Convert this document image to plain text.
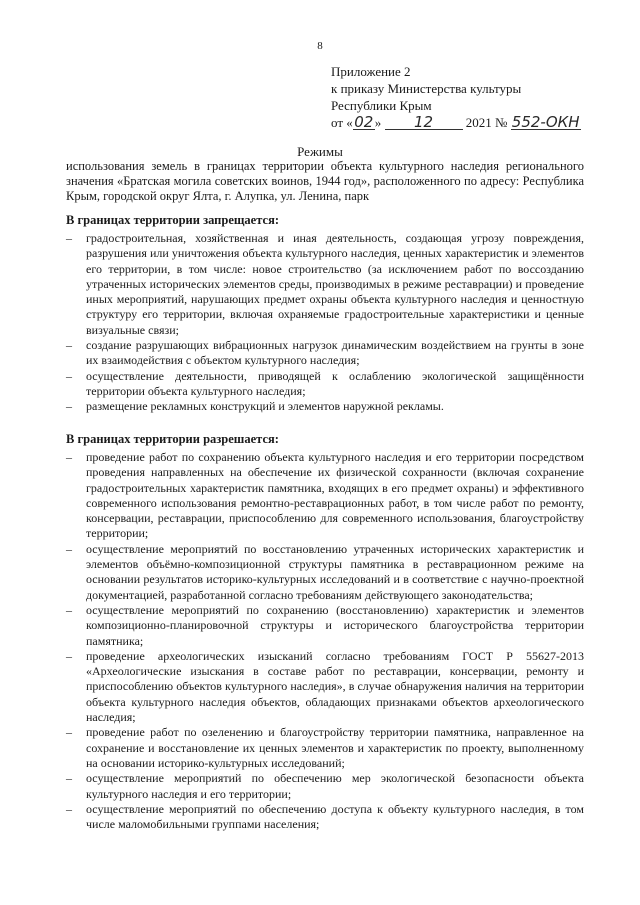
8
Приложение 2
к приказу Министерства культуры
Республики Крым
от «02» 12	2021 № 552-ОКН
Режимы
использования земель в границах территории объекта культурного наследия регионального значения «Братская могила советских воинов, 1944 год», расположенного по адресу: Республика Крым, городской округ Ялта, г. Алупка, ул. Ленина, парк
В границах территории запрещается:
– градостроительная, хозяйственная и иная деятельность, создающая угрозу повреждения, разрушения или уничтожения объекта культурного наследия, ценных характеристик и элементов его территории, в том числе: новое строительство (за исключением работ по воссозданию утраченных исторических элементов среды, производимых в режиме реставрации) и проведение иных мероприятий, нарушающих предмет охраны объекта культурного наследия и ценностную структуру его территории, включая охраняемые градостроительные характеристики и ценные визуальные связи;
– создание разрушающих вибрационных нагрузок динамическим воздействием на грунты в зоне их взаимодействия с объектом культурного наследия;
– осуществление деятельности, приводящей к ослаблению экологической защищённости территории объекта культурного наследия;
– размещение рекламных конструкций и элементов наружной рекламы.
В границах территории разрешается:
– проведение работ по сохранению объекта культурного наследия и его территории посредством проведения направленных на обеспечение их физической сохранности (включая сохранение градостроительных характеристик памятника, входящих в его предмет охраны) и эффективного современного использования ремонтно-реставрационных работ, в том числе работ по ремонту, консервации, реставрации, приспособлению для современного использования, благоустройству территории;
– осуществление мероприятий по восстановлению утраченных исторических характеристик и элементов объёмно-композиционной структуры памятника в реставрационном режиме на основании результатов историко-культурных исследований и в соответствие с научно-проектной документацией, разработанной согласно требованиям действующего законодательства;
– осуществление мероприятий по сохранению (восстановлению) характеристик и элементов композиционно-планировочной структуры и исторического благоустройства территории памятника;
– проведение археологических изысканий согласно требованиям ГОСТ Р 55627-2013 «Археологические изыскания в составе работ по реставрации, консервации, ремонту и приспособлению объектов культурного наследия», в случае обнаружения наличия на территории объекта культурного наследия объектов, обладающих признаками объектов археологического наследия;
– проведение работ по озеленению и благоустройству территории памятника, направленное на сохранение и восстановление их ценных элементов и характеристик по проекту, выполненному на основании историко-культурных исследований;
– осуществление мероприятий по обеспечению мер экологической безопасности объекта культурного наследия и его территории;
– осуществление мероприятий по обеспечению доступа к объекту культурного наследия, в том числе маломобильными группами населения;
